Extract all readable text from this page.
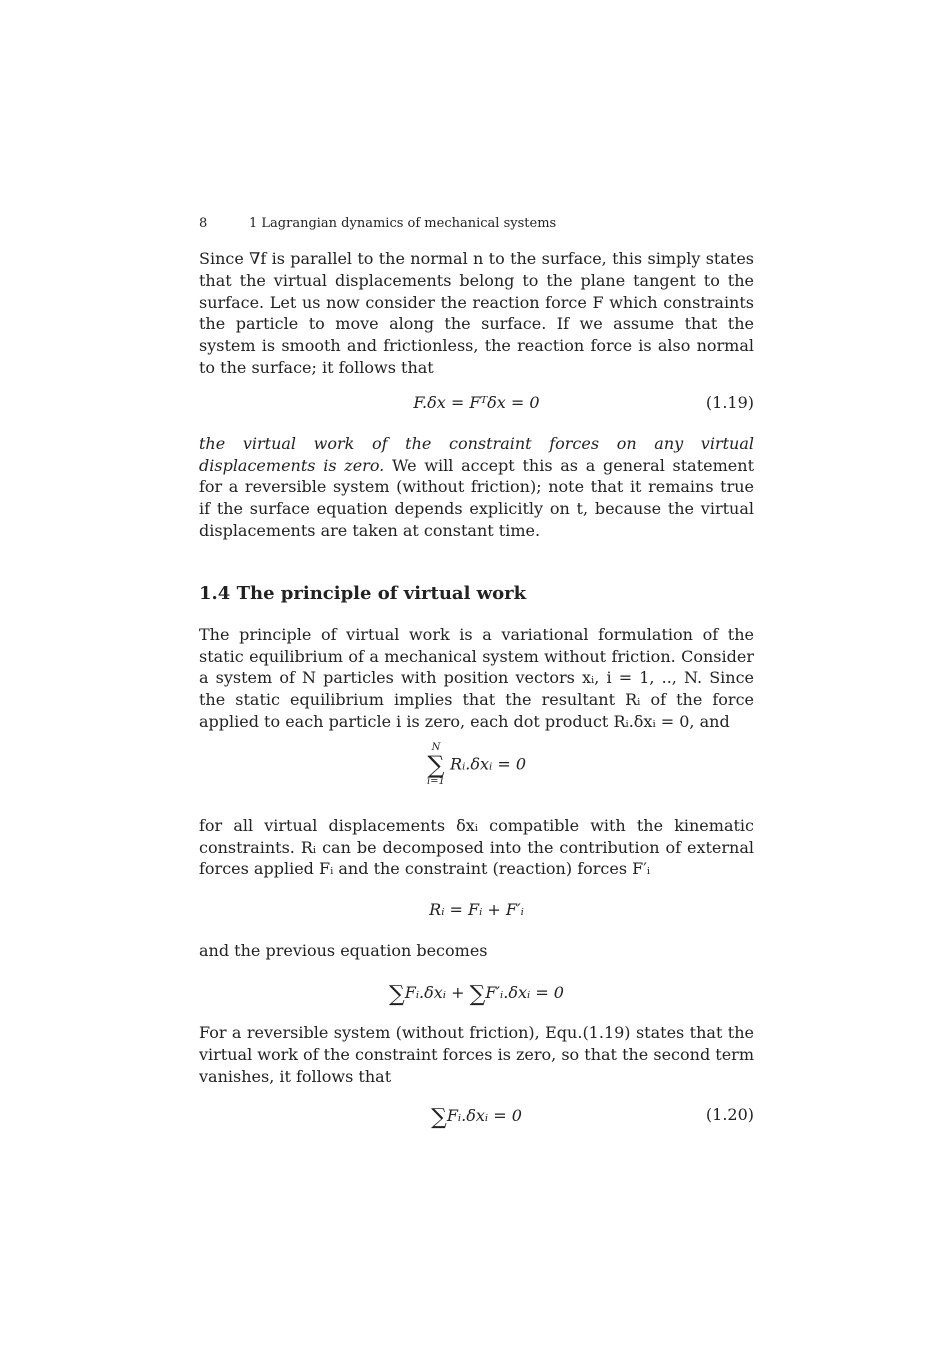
8	1 Lagrangian dynamics of mechanical systems

Since ∇f is parallel to the normal n to the surface, this simply states that the virtual displacements belong to the plane tangent to the surface. Let us now consider the reaction force F which constraints the particle to move along the surface. If we assume that the system is smooth and frictionless, the reaction force is also normal to the surface; it follows that

F.δx = Fᵀδx = 0	(1.19)

the virtual work of the constraint forces on any virtual displacements is zero. We will accept this as a general statement for a reversible system (without friction); note that it remains true if the surface equation depends explicitly on t, because the virtual displacements are taken at constant time.

1.4 The principle of virtual work

The principle of virtual work is a variational formulation of the static equilibrium of a mechanical system without friction. Consider a system of N particles with position vectors xᵢ, i = 1, .., N. Since the static equilibrium implies that the resultant Rᵢ of the force applied to each particle i is zero, each dot product Rᵢ.δxᵢ = 0, and

N
∑
i=1
Rᵢ.δxᵢ = 0

for all virtual displacements δxᵢ compatible with the kinematic constraints. Rᵢ can be decomposed into the contribution of external forces applied Fᵢ and the constraint (reaction) forces F′ᵢ

Rᵢ = Fᵢ + F′ᵢ

and the previous equation becomes

∑Fᵢ.δxᵢ + ∑F′ᵢ.δxᵢ = 0

For a reversible system (without friction), Equ.(1.19) states that the virtual work of the constraint forces is zero, so that the second term vanishes, it follows that

∑Fᵢ.δxᵢ = 0	(1.20)
